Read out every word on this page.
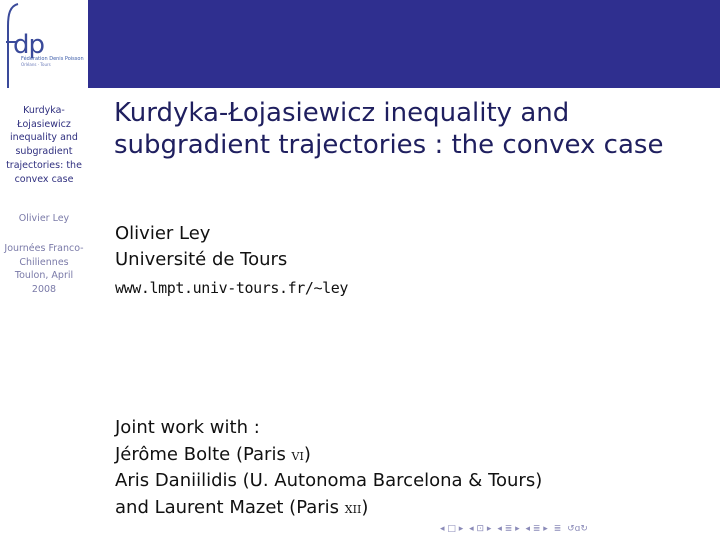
dp
Fédération Denis Poisson
Orléans · Tours
Kurdyka-Łojasiewicz inequality and subgradient trajectories: the convex case
Olivier Ley
Journées Franco-Chiliennes Toulon, April 2008
Kurdyka-Łojasiewicz inequality and
subgradient trajectories : the convex case
Olivier Ley
Université de Tours
www.lmpt.univ-tours.fr/∼ley
Joint work with :
Jérôme Bolte (Paris vi)
Aris Daniilidis (U. Autonoma Barcelona & Tours)
and Laurent Mazet (Paris xii)
◂ □ ▸ ◂ ⊡ ▸ ◂ ≣ ▸ ◂ ≣ ▸ ≣ ↺ɑ↻
